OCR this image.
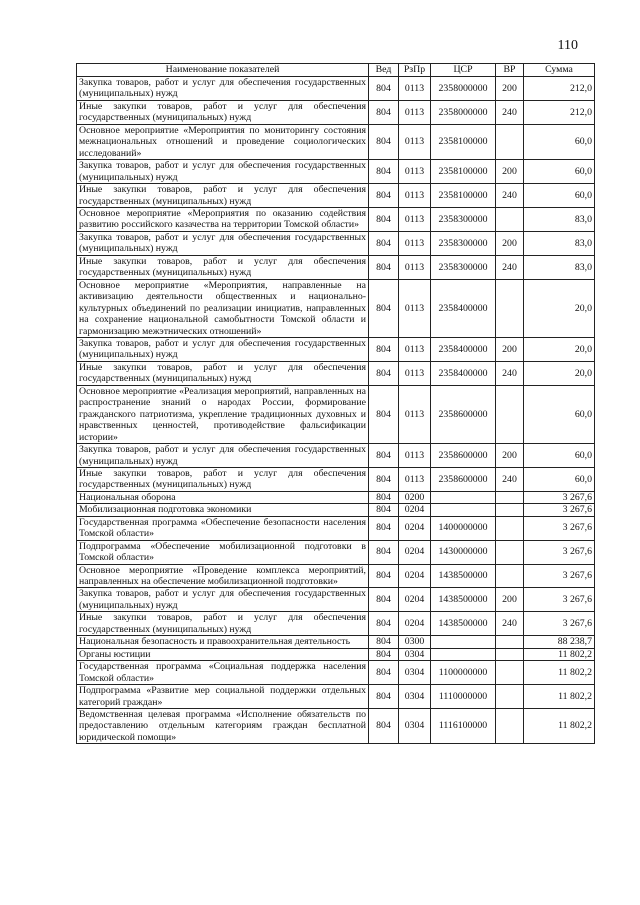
110
Наименование показателей	Вед	РзПр	ЦСР	ВР	Сумма
Закупка товаров, работ и услуг для обеспечения государственных (муниципальных) нужд	804	0113	2358000000	200	212,0
Иные закупки товаров, работ и услуг для обеспечения государственных (муниципальных) нужд	804	0113	2358000000	240	212,0
Основное мероприятие «Мероприятия по мониторингу состояния межнациональных отношений и проведение социологических исследований»	804	0113	2358100000		60,0
Закупка товаров, работ и услуг для обеспечения государственных (муниципальных) нужд	804	0113	2358100000	200	60,0
Иные закупки товаров, работ и услуг для обеспечения государственных (муниципальных) нужд	804	0113	2358100000	240	60,0
Основное мероприятие «Мероприятия по оказанию содействия развитию российского казачества на территории Томской области»	804	0113	2358300000		83,0
Закупка товаров, работ и услуг для обеспечения государственных (муниципальных) нужд	804	0113	2358300000	200	83,0
Иные закупки товаров, работ и услуг для обеспечения государственных (муниципальных) нужд	804	0113	2358300000	240	83,0
Основное мероприятие «Мероприятия, направленные на активизацию деятельности общественных и национально-культурных объединений по реализации инициатив, направленных на сохранение национальной самобытности Томской области и гармонизацию межэтнических отношений»	804	0113	2358400000		20,0
Закупка товаров, работ и услуг для обеспечения государственных (муниципальных) нужд	804	0113	2358400000	200	20,0
Иные закупки товаров, работ и услуг для обеспечения государственных (муниципальных) нужд	804	0113	2358400000	240	20,0
Основное мероприятие «Реализация мероприятий, направленных на распространение знаний о народах России, формирование гражданского патриотизма, укрепление традиционных духовных и нравственных ценностей, противодействие фальсификации истории»	804	0113	2358600000		60,0
Закупка товаров, работ и услуг для обеспечения государственных (муниципальных) нужд	804	0113	2358600000	200	60,0
Иные закупки товаров, работ и услуг для обеспечения государственных (муниципальных) нужд	804	0113	2358600000	240	60,0
Национальная оборона	804	0200			3 267,6
Мобилизационная подготовка экономики	804	0204			3 267,6
Государственная программа «Обеспечение безопасности населения Томской области»	804	0204	1400000000		3 267,6
Подпрограмма «Обеспечение мобилизационной подготовки в Томской области»	804	0204	1430000000		3 267,6
Основное мероприятие «Проведение комплекса мероприятий, направленных на обеспечение мобилизационной подготовки»	804	0204	1438500000		3 267,6
Закупка товаров, работ и услуг для обеспечения государственных (муниципальных) нужд	804	0204	1438500000	200	3 267,6
Иные закупки товаров, работ и услуг для обеспечения государственных (муниципальных) нужд	804	0204	1438500000	240	3 267,6
Национальная безопасность и правоохранительная деятельность	804	0300			88 238,7
Органы юстиции	804	0304			11 802,2
Государственная программа «Социальная поддержка населения Томской области»	804	0304	1100000000		11 802,2
Подпрограмма «Развитие мер социальной поддержки отдельных категорий граждан»	804	0304	1110000000		11 802,2
Ведомственная целевая программа «Исполнение обязательств по предоставлению отдельным категориям граждан бесплатной юридической помощи»	804	0304	1116100000		11 802,2
